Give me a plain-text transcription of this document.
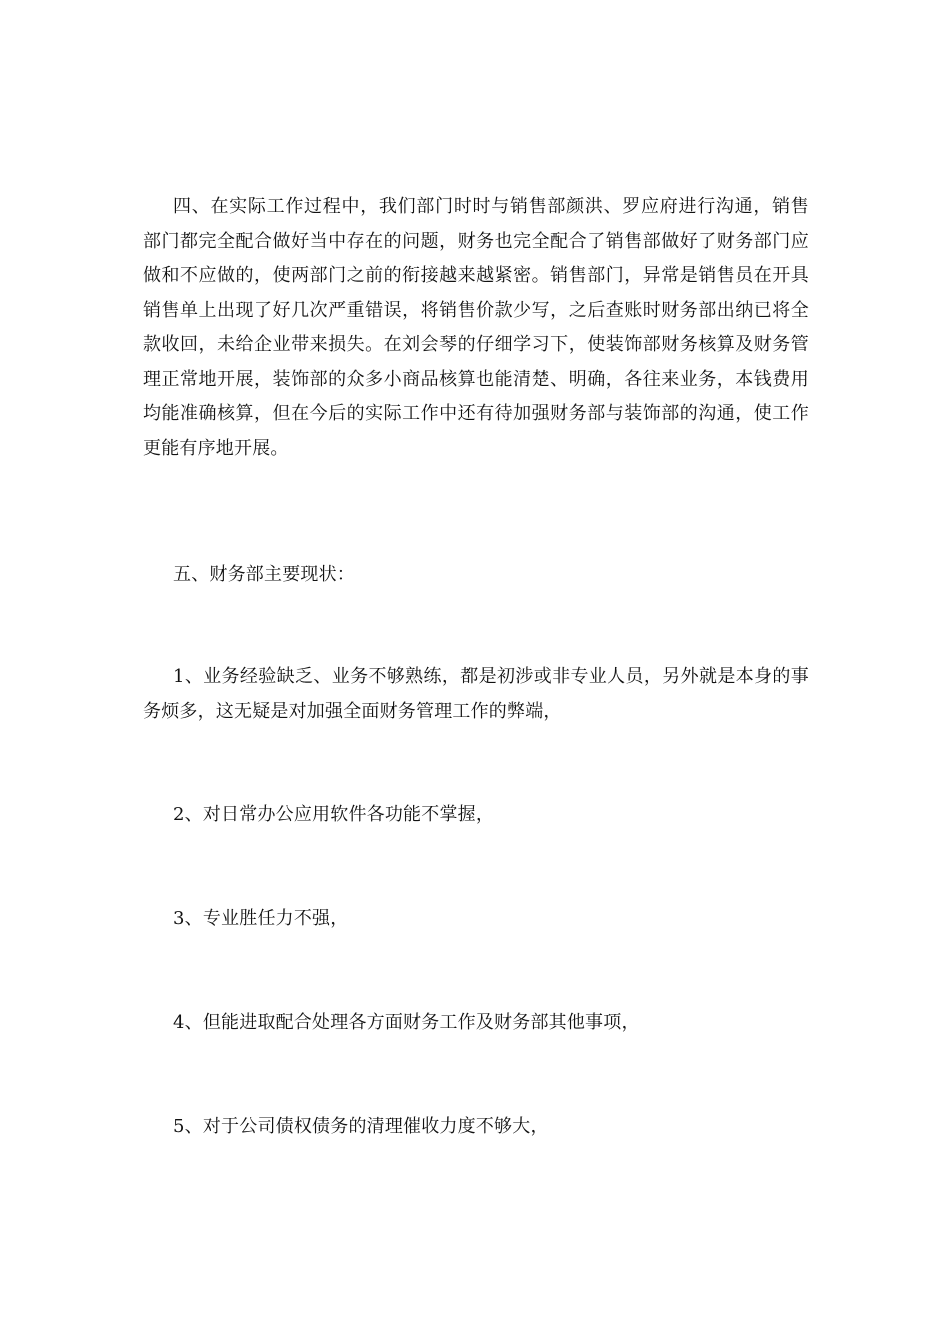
四、在实际工作过程中，我们部门时时与销售部颜洪、罗应府进行沟通，销售部门都完全配合做好当中存在的问题，财务也完全配合了销售部做好了财务部门应做和不应做的，使两部门之前的衔接越来越紧密。销售部门，异常是销售员在开具销售单上出现了好几次严重错误，将销售价款少写，之后查账时财务部出纳已将全款收回，未给企业带来损失。在刘会琴的仔细学习下，使装饰部财务核算及财务管理正常地开展，装饰部的众多小商品核算也能清楚、明确，各往来业务，本钱费用均能准确核算，但在今后的实际工作中还有待加强财务部与装饰部的沟通，使工作更能有序地开展。

五、财务部主要现状：

1、业务经验缺乏、业务不够熟练，都是初涉或非专业人员，另外就是本身的事务烦多，这无疑是对加强全面财务管理工作的弊端，

2、对日常办公应用软件各功能不掌握，

3、专业胜任力不强，

4、但能进取配合处理各方面财务工作及财务部其他事项，

5、对于公司债权债务的清理催收力度不够大，
